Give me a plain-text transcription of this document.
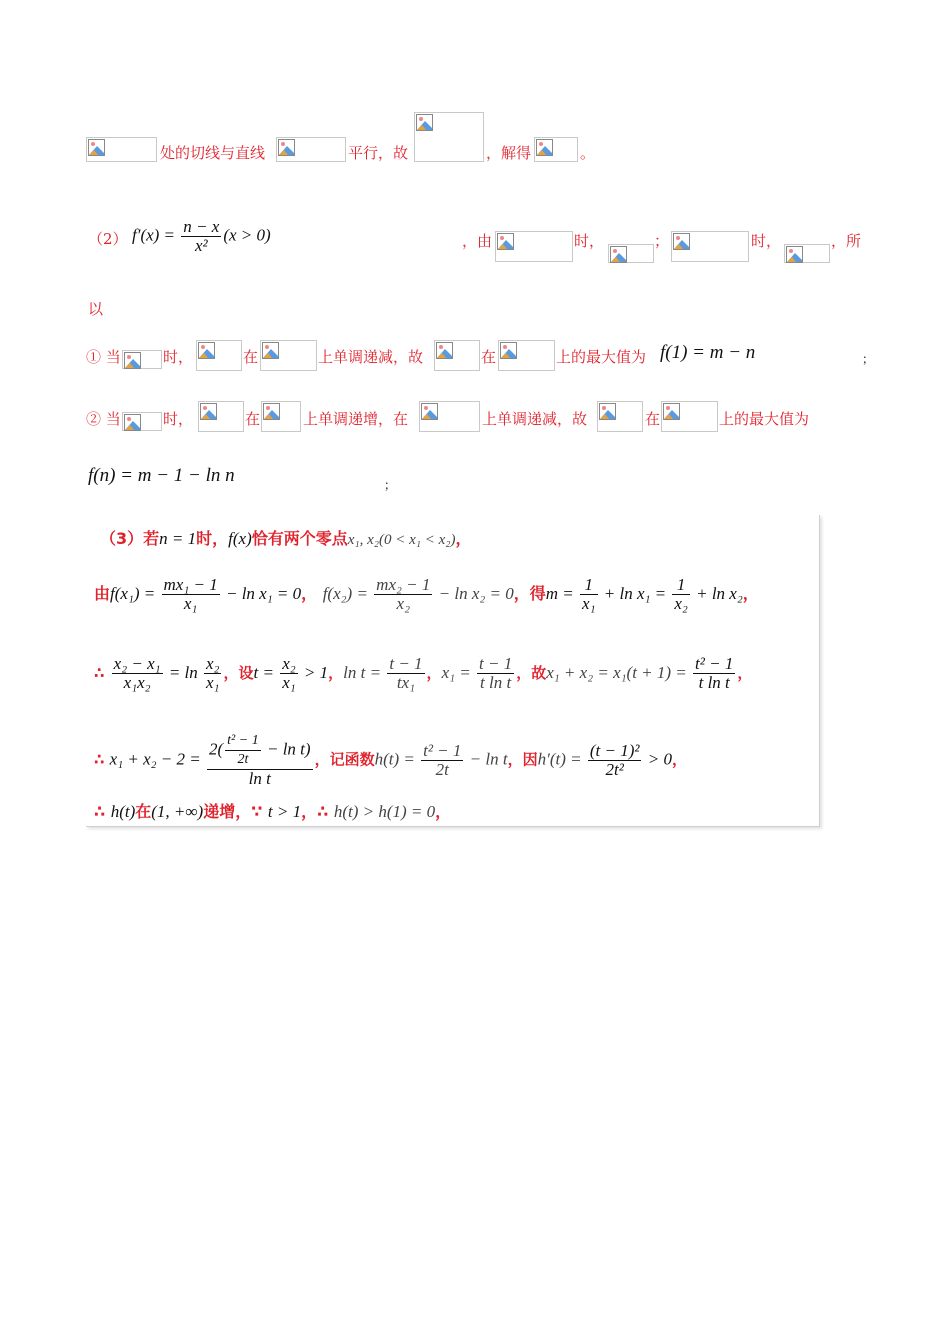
处的切线与直线	平行，故	，解得	。
（2） $f'(x) = \frac{n - x}{\text{x²}} (x > 0)$	，由	时，	；	时，	，所
以
① 当	时，	在	上单调递减，故	在	上的最大值为 f(1) = m − n	；
② 当	时，	在	上单调递增，在	上单调递减，故	在	上的最大值为
f(n) = m − 1 − ln n	；
（3）若n = 1时，f(x)恰有两个零点x₁, x₂(0 < x₁ < x₂)，
由$f(x_1) = \frac{\text{mx₁ − 1}}{\text{x₁}} - \ln x_1 = 0$， $f(x_2) = \frac{\text{mx₂ − 1}}{\text{x₂}} - \ln x_2 = 0$，得$m = \frac{1}{\text{x₁}} + \ln x_1 = \frac{1}{\text{x₂}} + \ln x_2$，
∴ $\frac{\text{x₂ − x₁}}{\text{x₁x₂}} = \ln \frac{\text{x₂}}{\text{x₁}}$ ，设$t = \frac{\text{x₂}}{\text{x₁}} > 1$，$\ln t = \frac{t - 1}{\text{tx₁}}$ ，$x_1 = \frac{t - 1}{\text{t ln t}}$ ，故$x_1 + x_2 = x_1(t + 1) = \frac{\text{t² − 1}}{\text{t ln t}}$ ，
∴ $x_1 + x_2 - 2 = \frac{2( \frac{\text{t² − 1}}{2t} - \ln t)}{\text{ln t}}$ ，记函数$h(t) = \frac{\text{t² − 1}}{2t} - \ln t$，因$h'(t) = \frac{\text{(t − 1)²}}{\text{2t²}} > 0$，
∴ h(t)在(1, +∞)递增，∵ t > 1，∴ h(t) > h(1) = 0，
